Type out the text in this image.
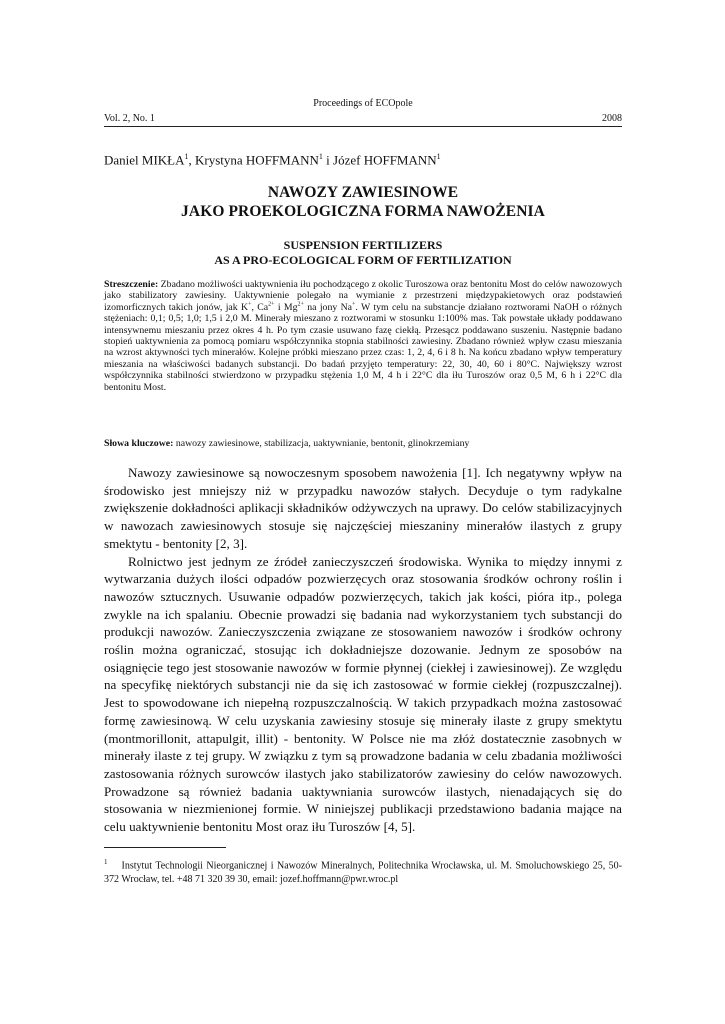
Proceedings of ECOpole
Vol. 2, No. 1	2008
Daniel MIKŁA$^1$, Krystyna HOFFMANN$^1$ i Józef HOFFMANN$^1$
NAWOZY ZAWIESINOWE
JAKO PROEKOLOGICZNA FORMA NAWOŻENIA
SUSPENSION FERTILIZERS
AS A PRO-ECOLOGICAL FORM OF FERTILIZATION
Streszczenie: Zbadano możliwości uaktywnienia iłu pochodzącego z okolic Turoszowa oraz bentonitu Most do celów nawozowych jako stabilizatory zawiesiny. Uaktywnienie polegało na wymianie z przestrzeni międzypakietowych oraz podstawień izomorficznych takich jonów, jak K+, $Ca^{2+}$ i $Mg^{2+}$ na jony Na+. W tym celu na substancje działano roztworami NaOH o różnych stężeniach: 0,1; 0,5; 1,0; 1,5 i 2,0 M. Minerały mieszano z roztworami w stosunku 1:100% mas. Tak powstałe układy poddawano intensywnemu mieszaniu przez okres 4 h. Po tym czasie usuwano fazę ciekłą. Przesącz poddawano suszeniu. Następnie badano stopień uaktywnienia za pomocą pomiaru współczynnika stopnia stabilności zawiesiny. Zbadano również wpływ czasu mieszania na wzrost aktywności tych minerałów. Kolejne próbki mieszano przez czas: 1, 2, 4, 6 i 8 h. Na końcu zbadano wpływ temperatury mieszania na właściwości badanych substancji. Do badań przyjęto temperatury: 22, 30, 40, 60 i 80°C. Największy wzrost współczynnika stabilności stwierdzono w przypadku stężenia 1,0 M, 4 h i 22°C dla iłu Turoszów oraz 0,5 M, 6 h i 22°C dla bentonitu Most.
Słowa kluczowe: nawozy zawiesinowe, stabilizacja, uaktywnianie, bentonit, glinokrzemiany

Nawozy zawiesinowe są nowoczesnym sposobem nawożenia [1]. Ich negatywny wpływ na środowisko jest mniejszy niż w przypadku nawozów stałych. Decyduje o tym radykalne zwiększenie dokładności aplikacji składników odżywczych na uprawy. Do celów stabilizacyjnych w nawozach zawiesinowych stosuje się najczęściej mieszaniny minerałów ilastych z grupy smektytu - bentonity [2, 3].

Rolnictwo jest jednym ze źródeł zanieczyszczeń środowiska. Wynika to między innymi z wytwarzania dużych ilości odpadów pozwierzęcych oraz stosowania środków ochrony roślin i nawozów sztucznych. Usuwanie odpadów pozwierzęcych, takich jak kości, pióra itp., polega zwykle na ich spalaniu. Obecnie prowadzi się badania nad wykorzystaniem tych substancji do produkcji nawozów. Zanieczyszczenia związane ze stosowaniem nawozów i środków ochrony roślin można ograniczać, stosując ich dokładniejsze dozowanie. Jednym ze sposobów na osiągnięcie tego jest stosowanie nawozów w formie płynnej (ciekłej i zawiesinowej). Ze względu na specyfikę niektórych substancji nie da się ich zastosować w formie ciekłej (rozpuszczalnej). Jest to spowodowane ich niepełną rozpuszczalnością. W takich przypadkach można zastosować formę zawiesinową. W celu uzyskania zawiesiny stosuje się minerały ilaste z grupy smektytu (montmorillonit, attapulgit, illit) - bentonity. W Polsce nie ma złóż dostatecznie zasobnych w minerały ilaste z tej grupy. W związku z tym są prowadzone badania w celu zbadania możliwości zastosowania różnych surowców ilastych jako stabilizatorów zawiesiny do celów nawozowych. Prowadzone są również badania uaktywniania surowców ilastych, nienadających się do stosowania w niezmienionej formie. W niniejszej publikacji przedstawiono badania mające na celu uaktywnienie bentonitu Most oraz iłu Turoszów [4, 5].

$^1$ Instytut Technologii Nieorganicznej i Nawozów Mineralnych, Politechnika Wrocławska, ul. M. Smoluchowskiego 25, 50-372 Wrocław, tel. +48 71 320 39 30, email: jozef.hoffmann@pwr.wroc.pl
